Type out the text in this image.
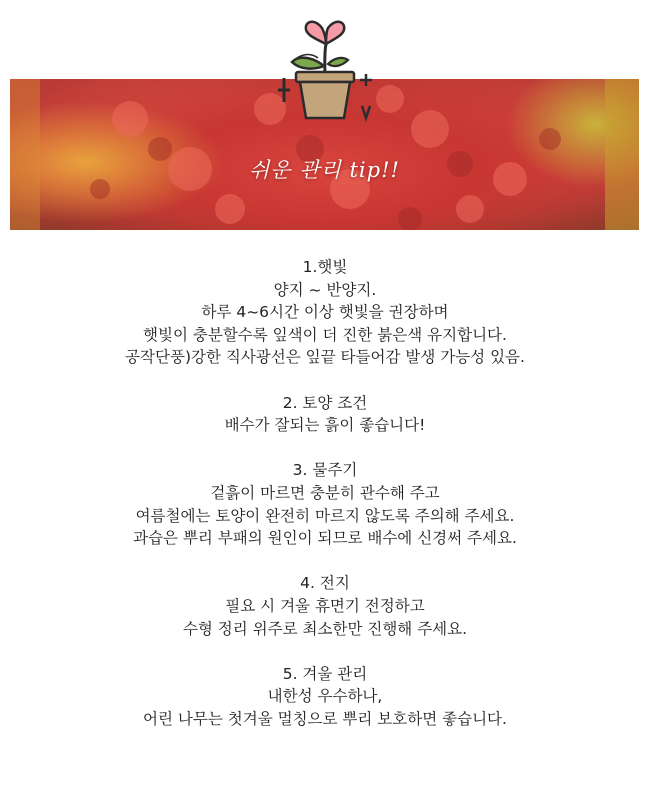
쉬운 관리 tip!!

1.햇빛

양지 ~ 반양지.

하루 4~6시간 이상 햇빛을 권장하며

햇빛이 충분할수록 잎색이 더 진한 붉은색 유지합니다.

공작단풍)강한 직사광선은 잎끝 타들어감 발생 가능성 있음.

2. 토양 조건

배수가 잘되는 흙이 좋습니다!

3. 물주기

겉흙이 마르면 충분히 관수해 주고

여름철에는 토양이 완전히 마르지 않도록 주의해 주세요.

과습은 뿌리 부패의 원인이 되므로 배수에 신경써 주세요.

4. 전지

필요 시 겨울 휴면기 전정하고

수형 정리 위주로 최소한만 진행해 주세요.

5. 겨울 관리

내한성 우수하나,

어린 나무는 첫겨울 멀칭으로 뿌리 보호하면 좋습니다.
